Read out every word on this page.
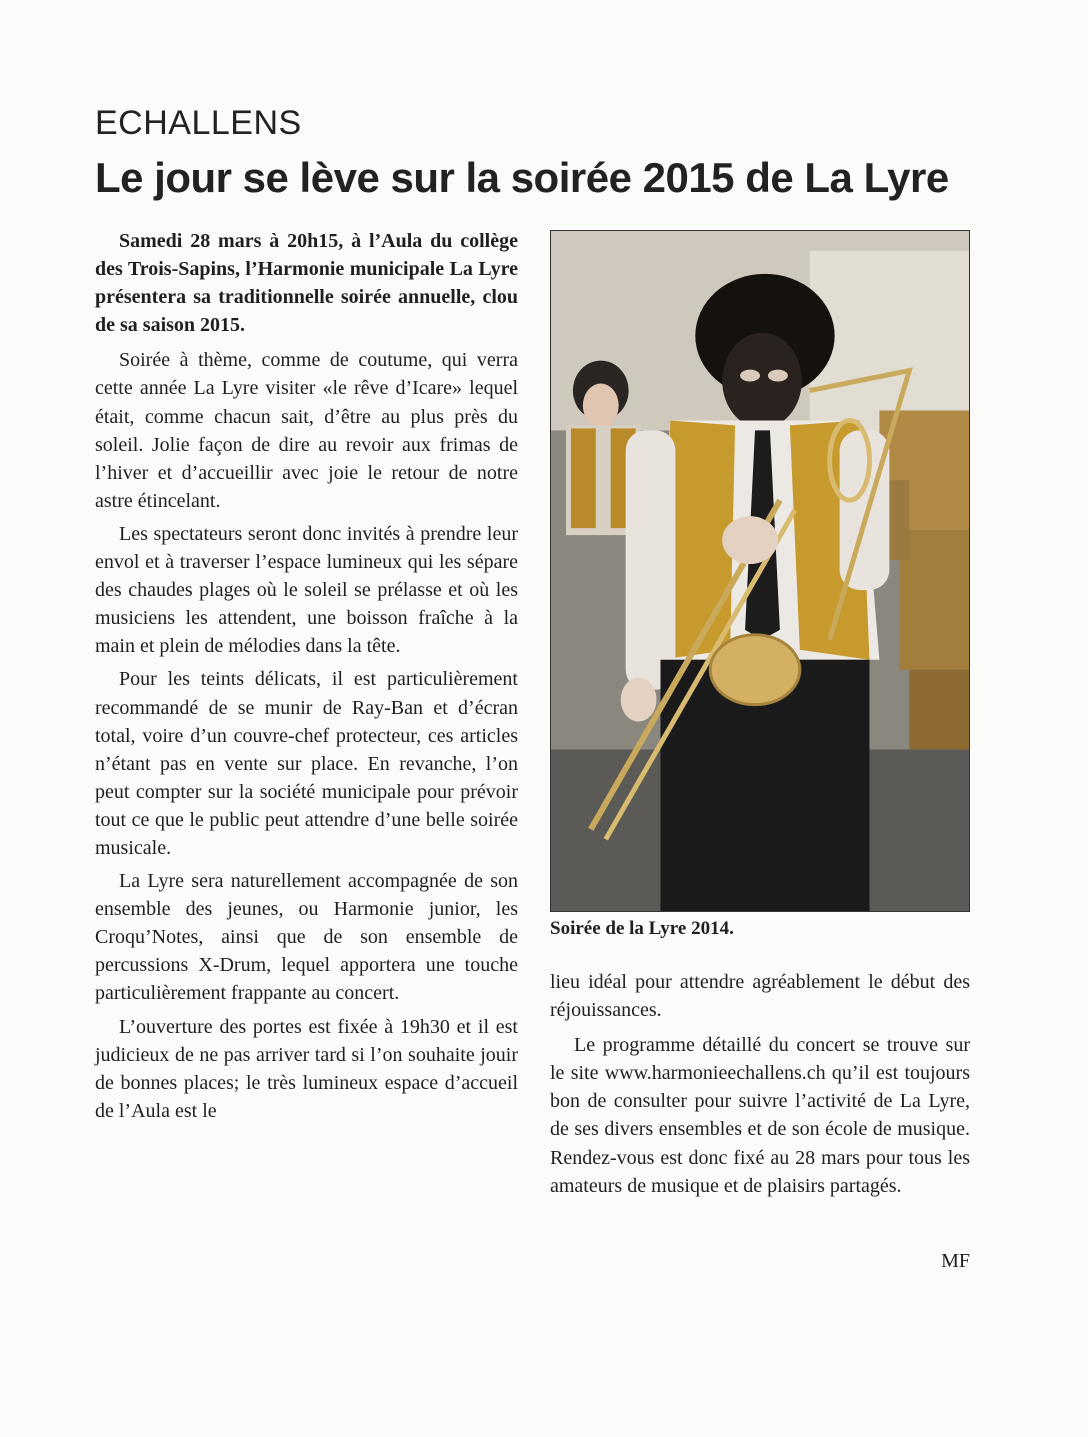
ECHALLENS
Le jour se lève sur la soirée 2015 de La Lyre

Samedi 28 mars à 20h15, à l’Aula du collège des Trois-Sapins, l’Harmonie municipale La Lyre présentera sa traditionnelle soirée annuelle, clou de sa saison 2015.

Soirée à thème, comme de coutume, qui verra cette année La Lyre visiter «le rêve d’Icare» lequel était, comme chacun sait, d’être au plus près du soleil. Jolie façon de dire au revoir aux frimas de l’hiver et d’accueillir avec joie le retour de notre astre étincelant.

Les spectateurs seront donc invités à prendre leur envol et à traverser l’espace lumineux qui les sépare des chaudes plages où le soleil se prélasse et où les musiciens les attendent, une boisson fraîche à la main et plein de mélodies dans la tête.

Pour les teints délicats, il est particulièrement recommandé de se munir de Ray-Ban et d’écran total, voire d’un couvre-chef protecteur, ces articles n’étant pas en vente sur place. En revanche, l’on peut compter sur la société municipale pour prévoir tout ce que le public peut attendre d’une belle soirée musicale.

La Lyre sera naturellement accompagnée de son ensemble des jeunes, ou Harmonie junior, les Croqu’Notes, ainsi que de son ensemble de percussions X-Drum, lequel apportera une touche particulièrement frappante au concert.

L’ouverture des portes est fixée à 19h30 et il est judicieux de ne pas arriver tard si l’on souhaite jouir de bonnes places; le très lumineux espace d’accueil de l’Aula est le

Soirée de la Lyre 2014.

lieu idéal pour attendre agréablement le début des réjouissances.

Le programme détaillé du concert se trouve sur le site www.harmonieechallens.ch qu’il est toujours bon de consulter pour suivre l’activité de La Lyre, de ses divers ensembles et de son école de musique. Rendez-vous est donc fixé au 28 mars pour tous les amateurs de musique et de plaisirs partagés.

MF
